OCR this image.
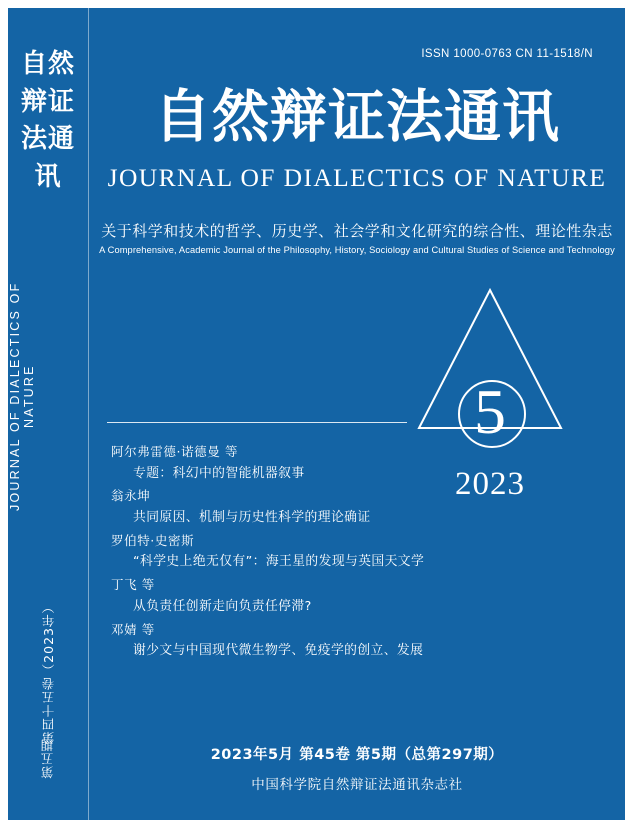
自然辩证法通讯
JOURNAL OF DIALECTICS OF NATURE
第四十五卷（2023年）
第五期
ISSN 1000-0763 CN 11-1518/N
自然辩证法通讯
JOURNAL OF DIALECTICS OF NATURE
关于科学和技术的哲学、历史学、社会学和文化研究的综合性、理论性杂志
A Comprehensive, Academic Journal of the Philosophy, History, Sociology and Cultural Studies of Science and Technology
5
2023
阿尔弗雷德·诺德曼 等
专题：科幻中的智能机器叙事
翁永坤
共同原因、机制与历史性科学的理论确证
罗伯特·史密斯
“科学史上绝无仅有”：海王星的发现与英国天文学
丁飞 等
从负责任创新走向负责任停滞?
邓婧 等
谢少文与中国现代微生物学、免疫学的创立、发展
2023年5月 第45卷 第5期（总第297期）
中国科学院自然辩证法通讯杂志社
